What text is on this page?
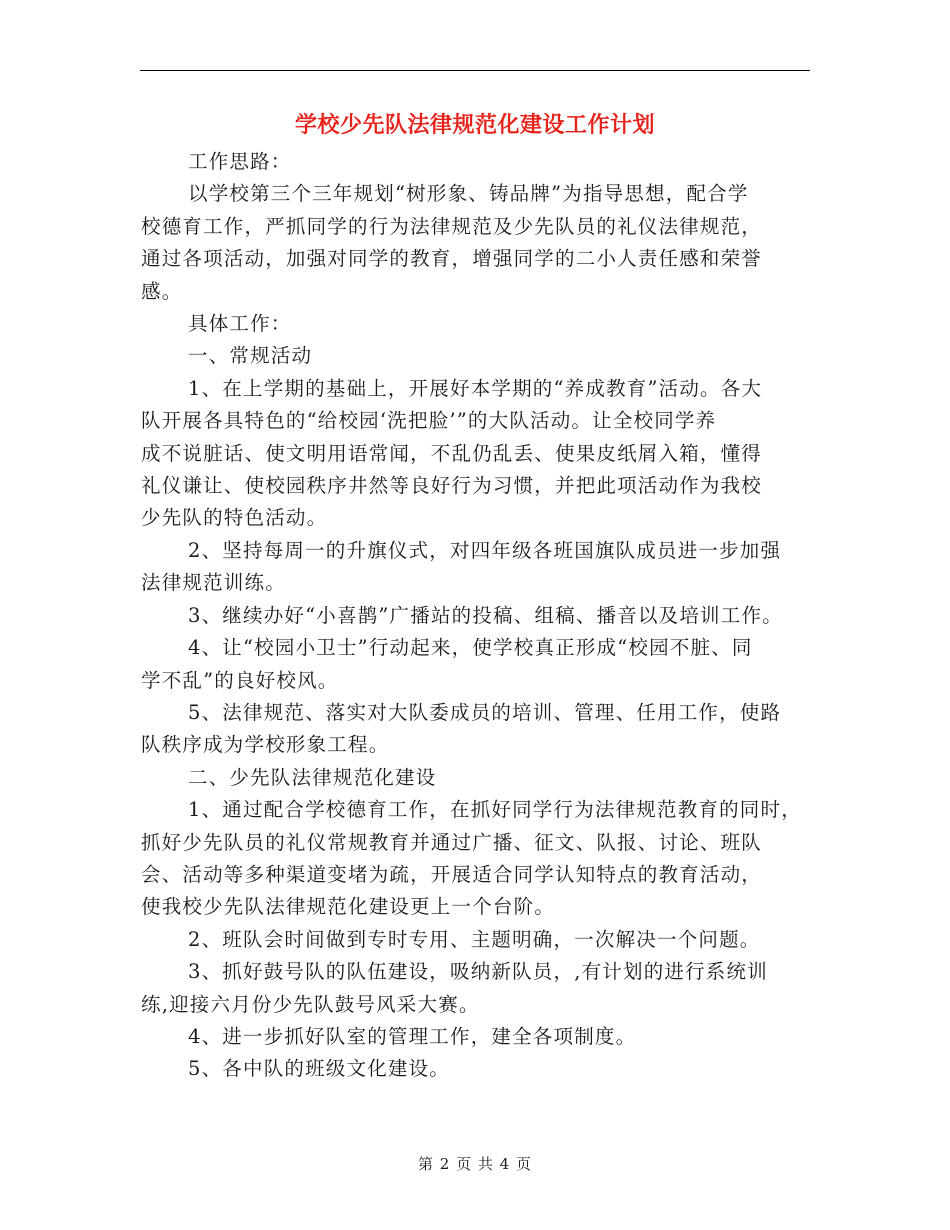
学校少先队法律规范化建设工作计划

工作思路：

以学校第三个三年规划“树形象、铸品牌”为指导思想，配合学

校德育工作，严抓同学的行为法律规范及少先队员的礼仪法律规范，

通过各项活动，加强对同学的教育，增强同学的二小人责任感和荣誉

感。

具体工作：

一、常规活动

1、在上学期的基础上，开展好本学期的“养成教育”活动。各大

队开展各具特色的“给校园‘洗把脸’”的大队活动。让全校同学养

成不说脏话、使文明用语常闻，不乱仍乱丢、使果皮纸屑入箱，懂得

礼仪谦让、使校园秩序井然等良好行为习惯，并把此项活动作为我校

少先队的特色活动。

2、坚持每周一的升旗仪式，对四年级各班国旗队成员进一步加强

法律规范训练。

3、继续办好“小喜鹊”广播站的投稿、组稿、播音以及培训工作。

4、让“校园小卫士”行动起来，使学校真正形成“校园不脏、同

学不乱”的良好校风。

5、法律规范、落实对大队委成员的培训、管理、任用工作，使路

队秩序成为学校形象工程。

二、少先队法律规范化建设

1、通过配合学校德育工作，在抓好同学行为法律规范教育的同时，

抓好少先队员的礼仪常规教育并通过广播、征文、队报、讨论、班队

会、活动等多种渠道变堵为疏，开展适合同学认知特点的教育活动，

使我校少先队法律规范化建设更上一个台阶。

2、班队会时间做到专时专用、主题明确，一次解决一个问题。

3、抓好鼓号队的队伍建设，吸纳新队员，,有计划的进行系统训

练,迎接六月份少先队鼓号风采大赛。

4、进一步抓好队室的管理工作，建全各项制度。

5、各中队的班级文化建设。

第 2 页 共 4 页
